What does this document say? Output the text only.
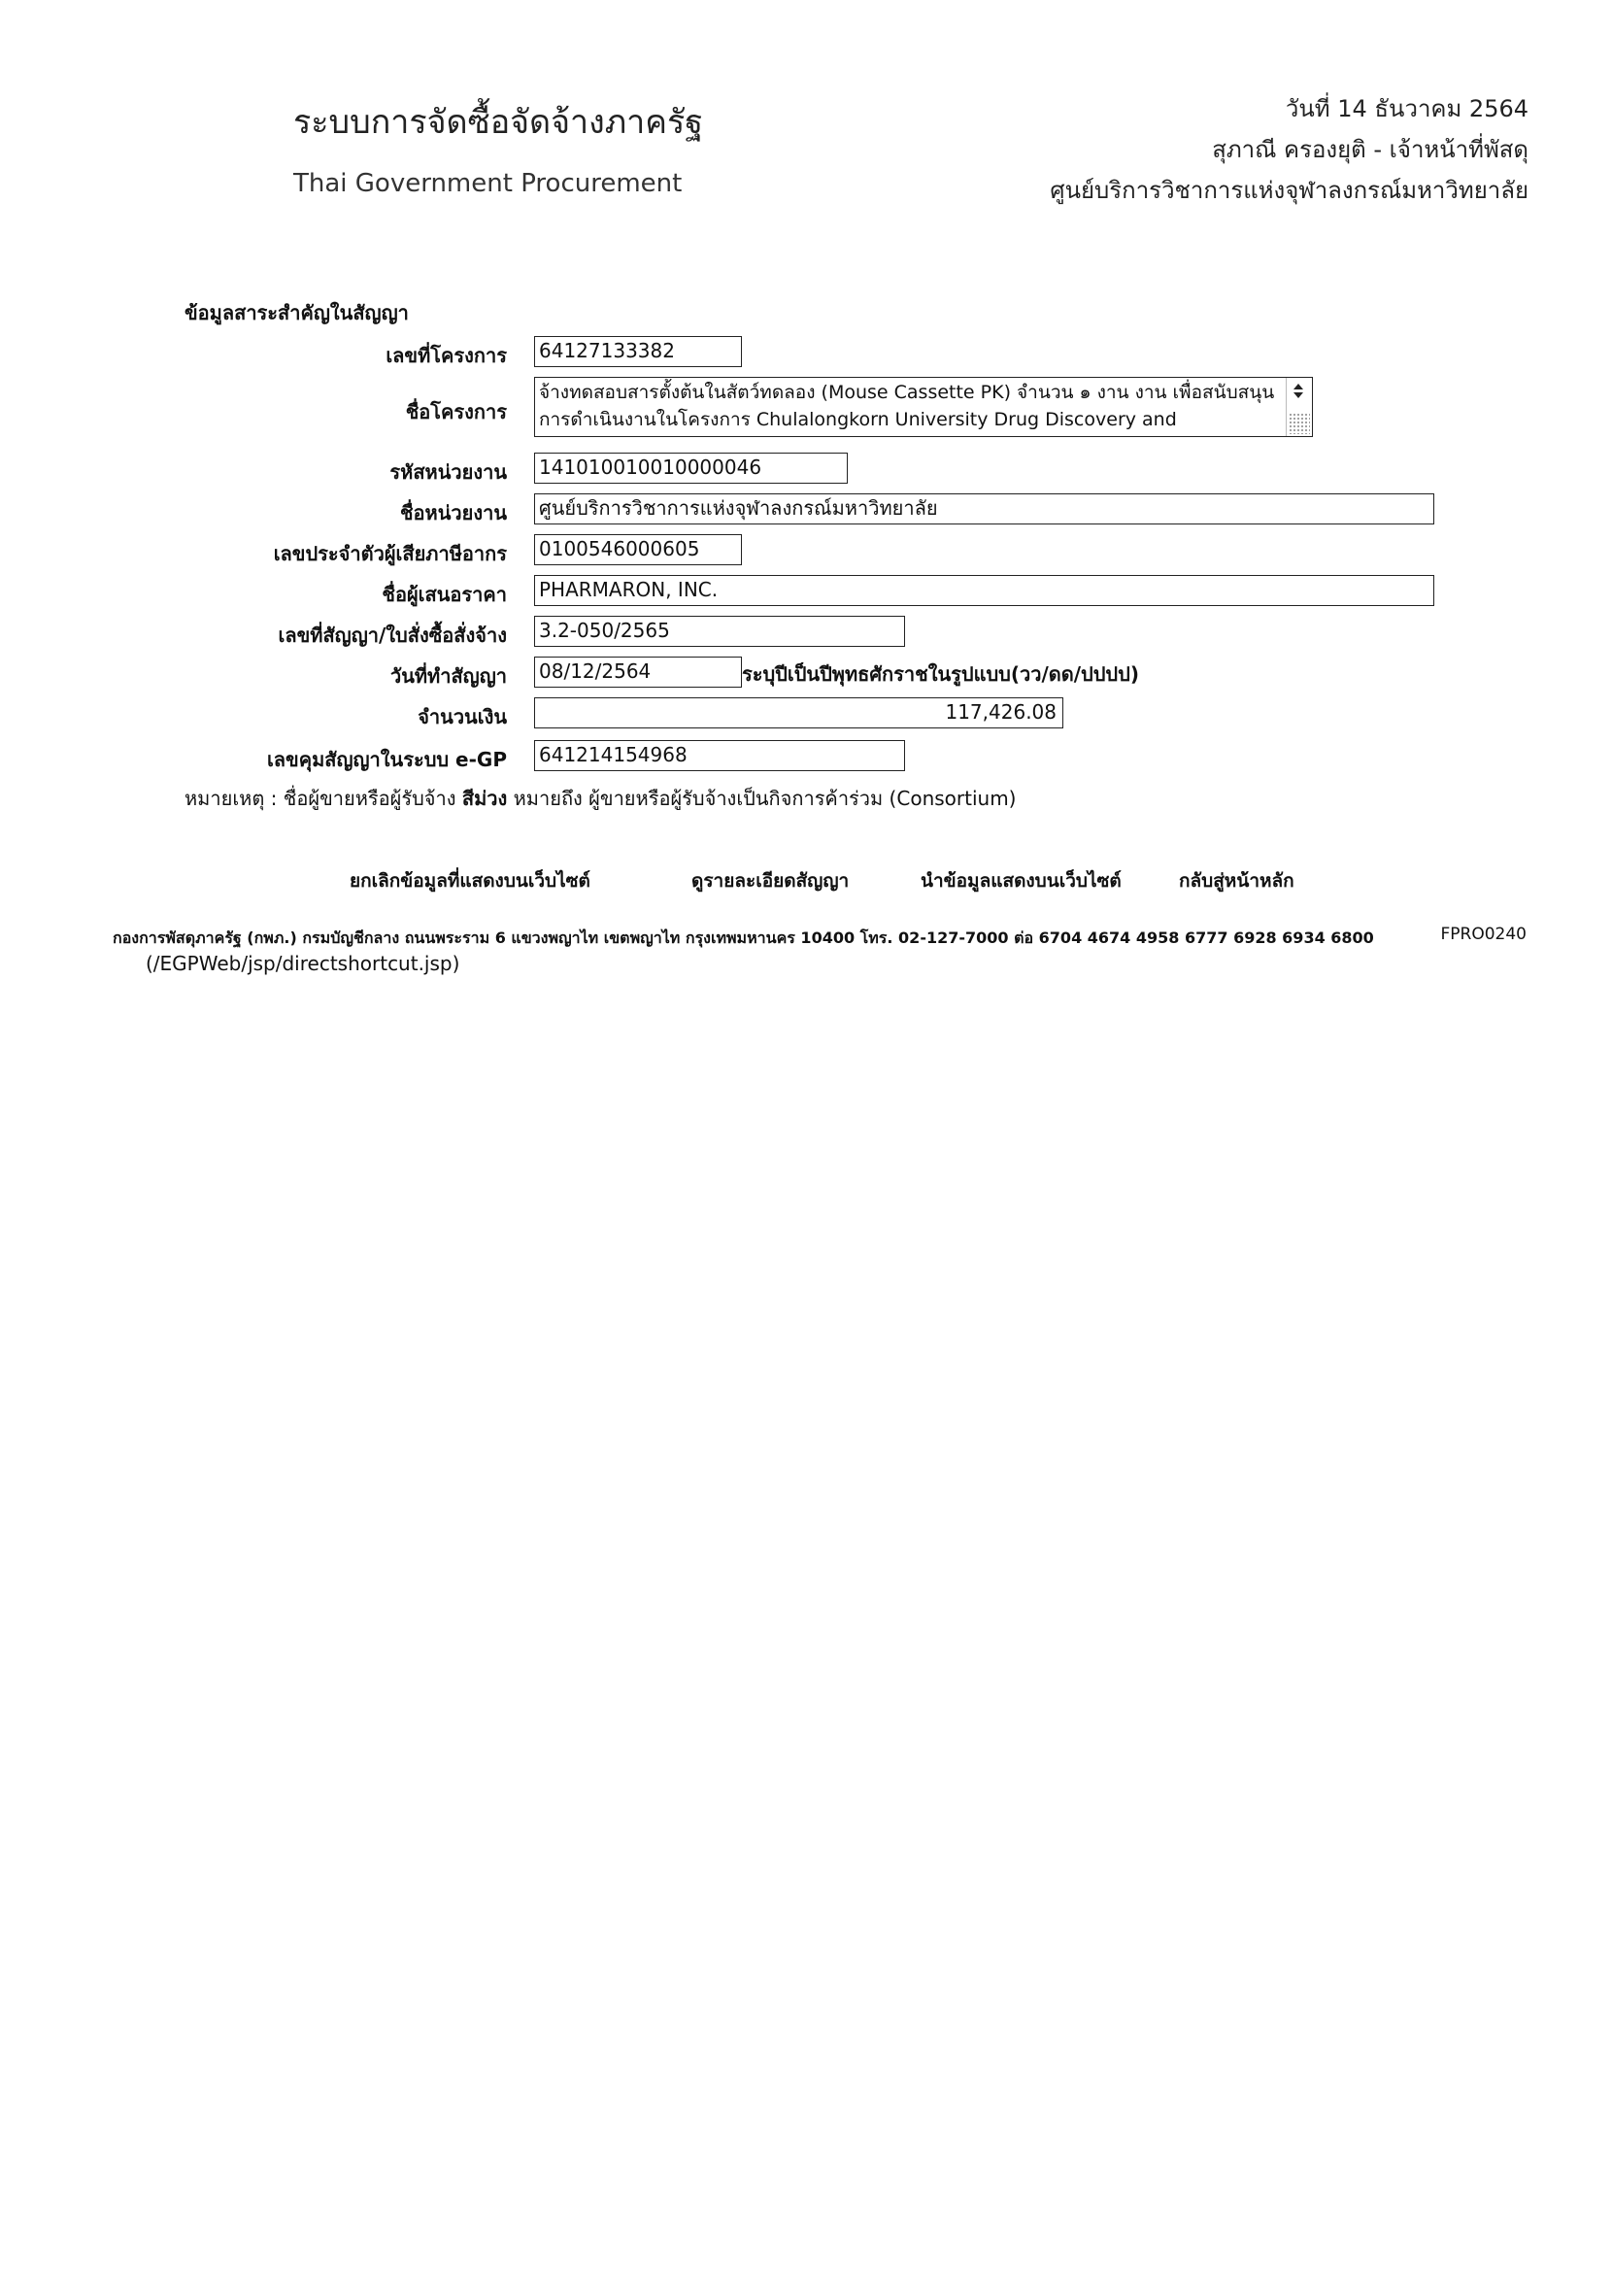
ระบบการจัดซื้อจัดจ้างภาครัฐ
Thai Government Procurement
วันที่ 14 ธันวาคม 2564
สุภาณี ครองยุติ - เจ้าหน้าที่พัสดุ
ศูนย์บริการวิชาการแห่งจุฬาลงกรณ์มหาวิทยาลัย
ข้อมูลสาระสำคัญในสัญญา
เลขที่โครงการ 64127133382
ชื่อโครงการ
จ้างทดสอบสารตั้งต้นในสัตว์ทดลอง (Mouse Cassette PK) จำนวน ๑ งาน งาน เพื่อสนับสนุนการดำเนินงานในโครงการ Chulalongkorn University Drug Discovery and
รหัสหน่วยงาน 141010010010000046
ชื่อหน่วยงาน ศูนย์บริการวิชาการแห่งจุฬาลงกรณ์มหาวิทยาลัย
เลขประจำตัวผู้เสียภาษีอากร 0100546000605
ชื่อผู้เสนอราคา PHARMARON, INC.
เลขที่สัญญา/ใบสั่งซื้อสั่งจ้าง 3.2-050/2565
วันที่ทำสัญญา 08/12/2564	ระบุปีเป็นปีพุทธศักราชในรูปแบบ(วว/ดด/ปปปป)
จำนวนเงิน	117,426.08
เลขคุมสัญญาในระบบ e-GP 641214154968
หมายเหตุ : ชื่อผู้ขายหรือผู้รับจ้าง สีม่วง หมายถึง ผู้ขายหรือผู้รับจ้างเป็นกิจการค้าร่วม (Consortium)
ยกเลิกข้อมูลที่แสดงบนเว็บไซต์	ดูรายละเอียดสัญญา	นำข้อมูลแสดงบนเว็บไซต์	กลับสู่หน้าหลัก
กองการพัสดุภาครัฐ (กพภ.) กรมบัญชีกลาง ถนนพระราม 6 แขวงพญาไท เขตพญาไท กรุงเทพมหานคร 10400 โทร. 02-127-7000 ต่อ 6704 4674 4958 6777 6928 6934 6800	FPRO0240
(/EGPWeb/jsp/directshortcut.jsp)
